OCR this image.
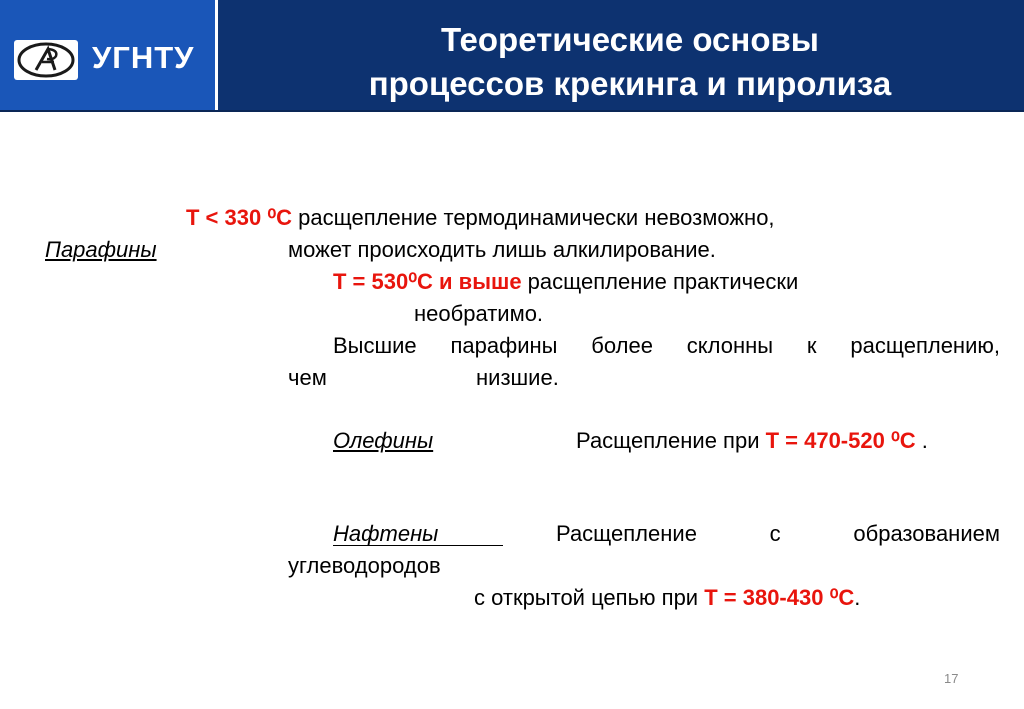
УГНТУ	Теоретические основы
процессов крекинга и пиролиза
Т < 330 ⁰С расщепление термодинамически невозможно,
Парафины	может происходить лишь алкилирование.
Т = 530⁰С и выше расщепление практически
необратимо.
Высшие парафины более склонны к расщеплению,
чем	низшие.
Олефины	Расщепление при Т = 470-520 ⁰С .
Нафтены	Расщепление	с	образованием
углеводородов
с открытой цепью при Т = 380-430 ⁰С.
17
